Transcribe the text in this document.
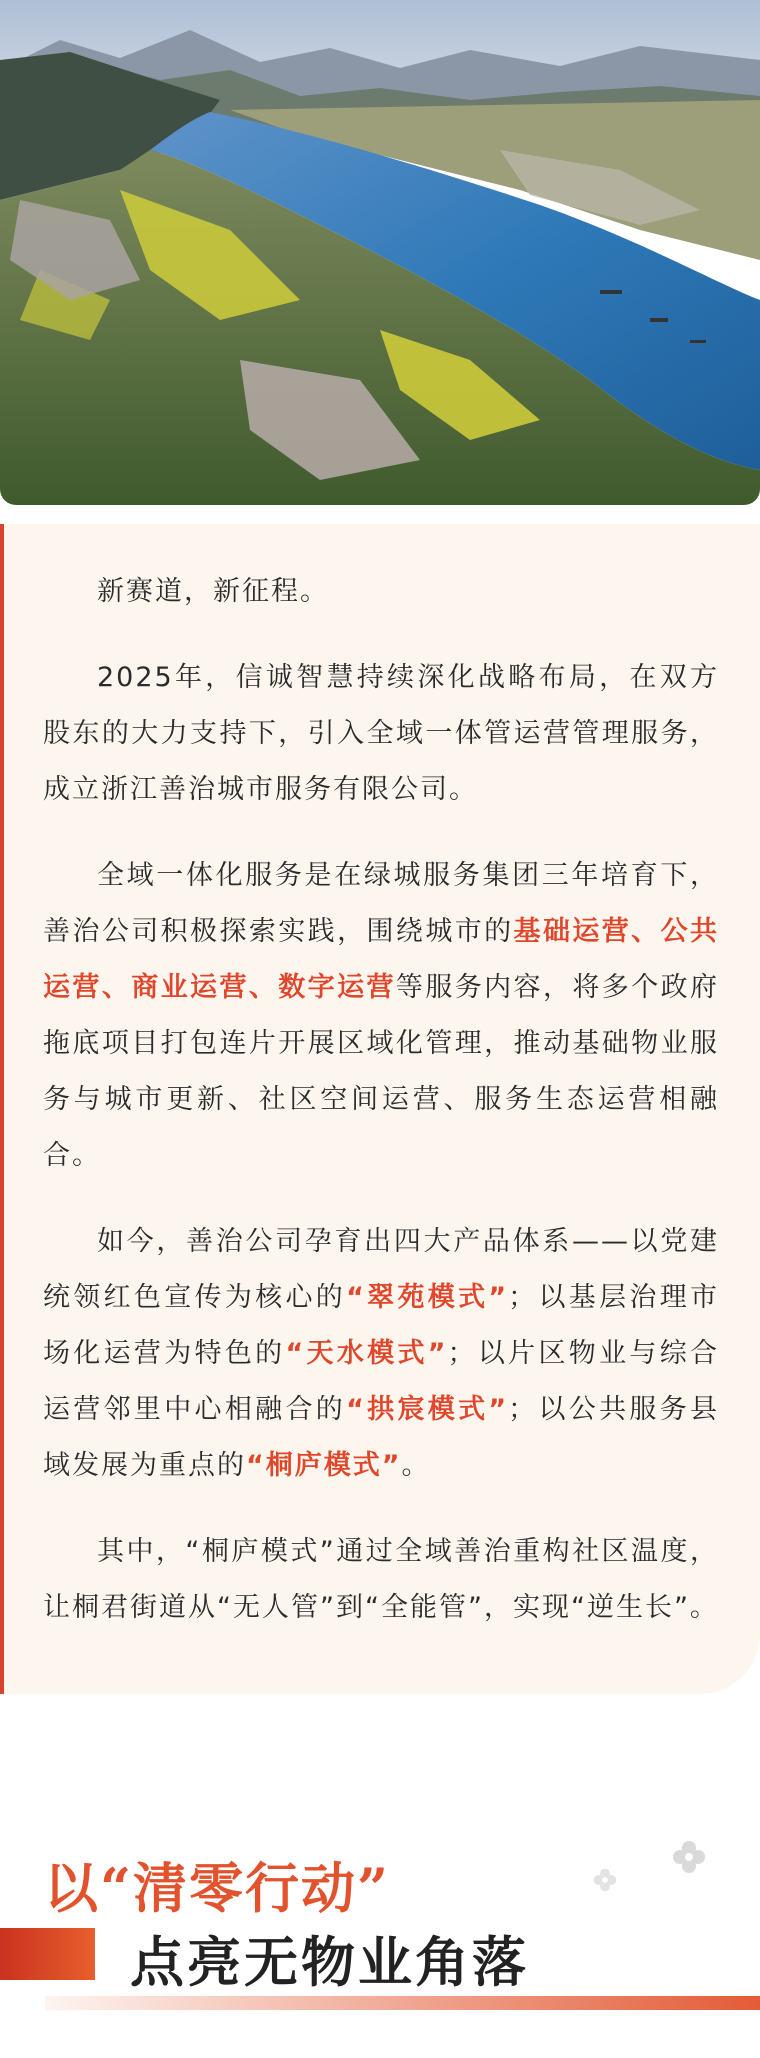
新赛道，新征程。

2025年，信诚智慧持续深化战略布局，在双方股东的大力支持下，引入全域一体管运营管理服务，成立浙江善治城市服务有限公司。

全域一体化服务是在绿城服务集团三年培育下，善治公司积极探索实践，围绕城市的基础运营、公共运营、商业运营、数字运营等服务内容，将多个政府拖底项目打包连片开展区域化管理，推动基础物业服务与城市更新、社区空间运营、服务生态运营相融合。

如今，善治公司孕育出四大产品体系——以党建统领红色宣传为核心的“翠苑模式”；以基层治理市场化运营为特色的“天水模式”；以片区物业与综合运营邻里中心相融合的“拱宸模式”；以公共服务县域发展为重点的“桐庐模式”。

其中，“桐庐模式”通过全域善治重构社区温度，让桐君街道从“无人管”到“全能管”，实现“逆生长”。

以“清零行动”
点亮无物业角落
